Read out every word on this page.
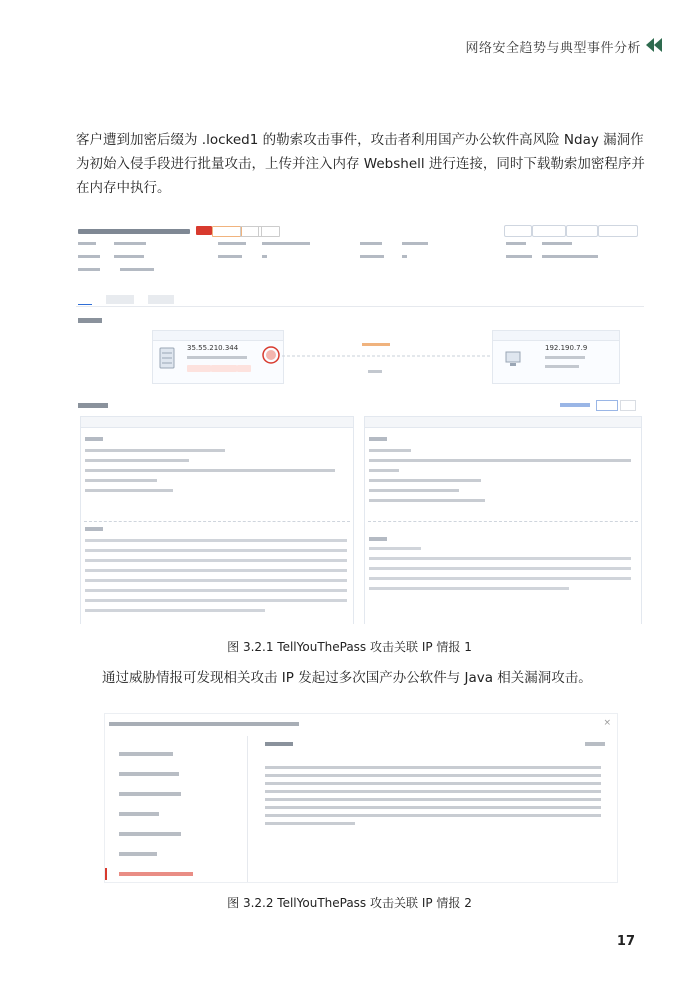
网络安全趋势与典型事件分析

客户遭到加密后缀为 .locked1 的勒索攻击事件，攻击者利用国产办公软件高风险 Nday 漏洞作为初始入侵手段进行批量攻击，上传并注入内存 Webshell 进行连接，同时下载勒索加密程序并在内存中执行。

35.55.210.344	192.190.7.9
图 3.2.1 TellYouThePass 攻击关联 IP 情报 1

通过威胁情报可发现相关攻击 IP 发起过多次国产办公软件与 Java 相关漏洞攻击。

×
图 3.2.2 TellYouThePass 攻击关联 IP 情报 2
17
